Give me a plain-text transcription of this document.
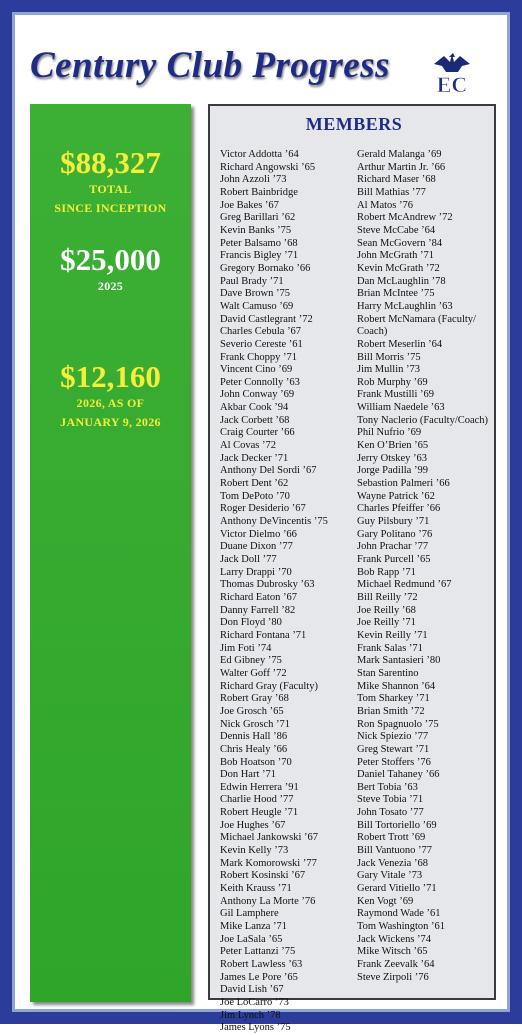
Century Club Progress EC
$88,327
TOTAL
SINCE INCEPTION
$25,000
2025
$12,160
2026, AS OF
JANUARY 9, 2026
MEMBERS
Victor Addotta ’64
Richard Angowski ’65
John Azzoli ’73
Robert Bainbridge
Joe Bakes ’67
Greg Barillari ’62
Kevin Banks ’75
Peter Balsamo ’68
Francis Bigley ’71
Gregory Bornako ’66
Paul Brady ’71
Dave Brown ’75
Walt Camuso ’69
David Castlegrant ’72
Charles Cebula ’67
Severio Cereste ’61
Frank Choppy ’71
Vincent Cino ’69
Peter Connolly ’63
John Conway ’69
Akbar Cook ’94
Jack Corbett ’68
Craig Courter ’66
Al Covas ’72
Jack Decker ’71
Anthony Del Sordi ’67
Robert Dent ’62
Tom DePoto ’70
Roger Desiderio ’67
Anthony DeVincentis ’75
Victor Dielmo ’66
Duane Dixon ’77
Jack Doll ’77
Larry Drappi ’70
Thomas Dubrosky ’63
Richard Eaton ’67
Danny Farrell ’82
Don Floyd ’80
Richard Fontana ’71
Jim Foti ’74
Ed Gibney ’75
Walter Goff ’72
Richard Gray (Faculty)
Robert Gray ’68
Joe Grosch ’65
Nick Grosch ’71
Dennis Hall ’86
Chris Healy ’66
Bob Hoatson ’70
Don Hart ’71
Edwin Herrera ’91
Charlie Hood ’77
Robert Heugle ’71
Joe Hughes ’67
Michael Jankowski ’67
Kevin Kelly ’73
Mark Komorowski ’77
Robert Kosinski ’67
Keith Krauss ’71
Anthony La Morte ’76
Gil Lamphere
Mike Lanza ’71
Joe LaSala ’65
Peter Lattanzi ’75
Robert Lawless ’63
James Le Pore ’65
David Lish ’67
Joe LoCarro ’73
Jim Lynch ’78
James Lyons ’75
Gerald Malanga ’69
Arthur Martin Jr. ’66
Richard Maser ’68
Bill Mathias ’77
Al Matos ’76
Robert McAndrew ’72
Steve McCabe ’64
Sean McGovern ’84
John McGrath ’71
Kevin McGrath ’72
Dan McLaughlin ’78
Brian McIntee ’75
Harry McLaughlin ’63
Robert McNamara (Faculty/
Coach)
Robert Meserlin ’64
Bill Morris ’75
Jim Mullin ’73
Rob Murphy ’69
Frank Mustilli ’69
William Naedele ’63
Tony Naclerio (Faculty/Coach)
Phil Nufrio ’69
Ken O’Brien ’65
Jerry Otskey ’63
Jorge Padilla ’99
Sebastion Palmeri ’66
Wayne Patrick ’62
Charles Pfeiffer ’66
Guy Pilsbury ’71
Gary Politano ’76
John Prachar ’77
Frank Purcell ’65
Bob Rapp ’71
Michael Redmund ’67
Bill Reilly ’72
Joe Reilly ’68
Joe Reilly ’71
Kevin Reilly ’71
Frank Salas ’71
Mark Santasieri ’80
Stan Sarentino
Mike Shannon ’64
Tom Sharkey ’71
Brian Smith ’72
Ron Spagnuolo ’75
Nick Spiezio ’77
Greg Stewart ’71
Peter Stoffers ’76
Daniel Tahaney ’66
Bert Tobia ’63
Steve Tobia ’71
John Tosato ’77
Bill Tortoriello ’69
Robert Trott ’69
Bill Vantuono ’77
Jack Venezia ’68
Gary Vitale ’73
Gerard Vitiello ’71
Ken Vogt ’69
Raymond Wade ’61
Tom Washington ’61
Jack Wickens ’74
Mike Witsch ’65
Frank Zeevalk ’64
Steve Zirpoli ’76
